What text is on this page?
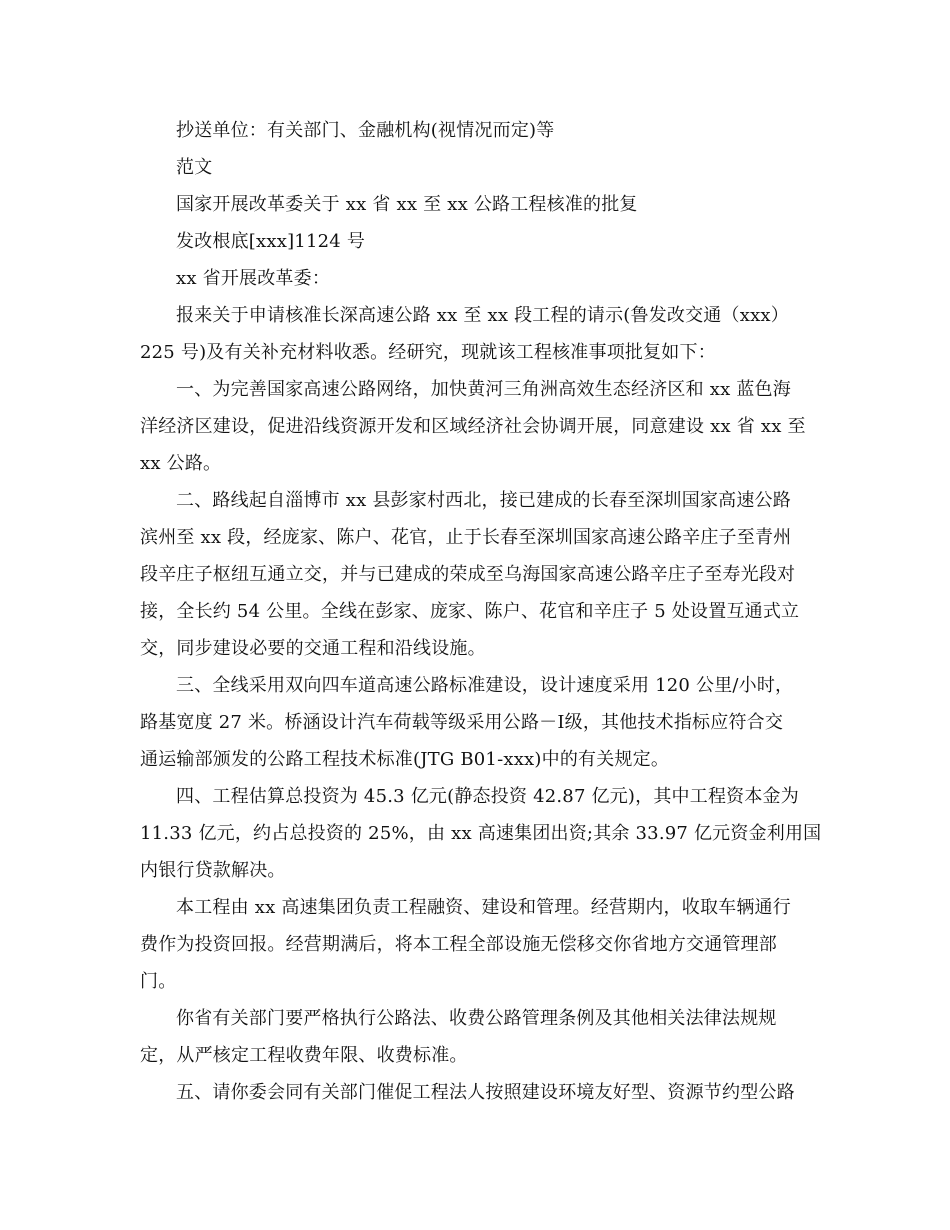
抄送单位：有关部门、金融机构(视情况而定)等
范文
国家开展改革委关于 xx 省 xx 至 xx 公路工程核准的批复
发改根底[xxx]1124 号
xx 省开展改革委：
报来关于申请核准长深高速公路 xx 至 xx 段工程的请示(鲁发改交通（xxx）
225 号)及有关补充材料收悉。经研究，现就该工程核准事项批复如下：
一、为完善国家高速公路网络，加快黄河三角洲高效生态经济区和 xx 蓝色海
洋经济区建设，促进沿线资源开发和区域经济社会协调开展，同意建设 xx 省 xx 至
xx 公路。
二、路线起自淄博市 xx 县彭家村西北，接已建成的长春至深圳国家高速公路
滨州至 xx 段，经庞家、陈户、花官，止于长春至深圳国家高速公路辛庄子至青州
段辛庄子枢纽互通立交，并与已建成的荣成至乌海国家高速公路辛庄子至寿光段对
接，全长约 54 公里。全线在彭家、庞家、陈户、花官和辛庄子 5 处设置互通式立
交，同步建设必要的交通工程和沿线设施。
三、全线采用双向四车道高速公路标准建设，设计速度采用 120 公里/小时，
路基宽度 27 米。桥涵设计汽车荷载等级采用公路－Ⅰ级，其他技术指标应符合交
通运输部颁发的公路工程技术标准(JTG B01-xxx)中的有关规定。
四、工程估算总投资为 45.3 亿元(静态投资 42.87 亿元)，其中工程资本金为
11.33 亿元，约占总投资的 25%，由 xx 高速集团出资;其余 33.97 亿元资金利用国
内银行贷款解决。
本工程由 xx 高速集团负责工程融资、建设和管理。经营期内，收取车辆通行
费作为投资回报。经营期满后，将本工程全部设施无偿移交你省地方交通管理部
门。
你省有关部门要严格执行公路法、收费公路管理条例及其他相关法律法规规
定，从严核定工程收费年限、收费标准。
五、请你委会同有关部门催促工程法人按照建设环境友好型、资源节约型公路
